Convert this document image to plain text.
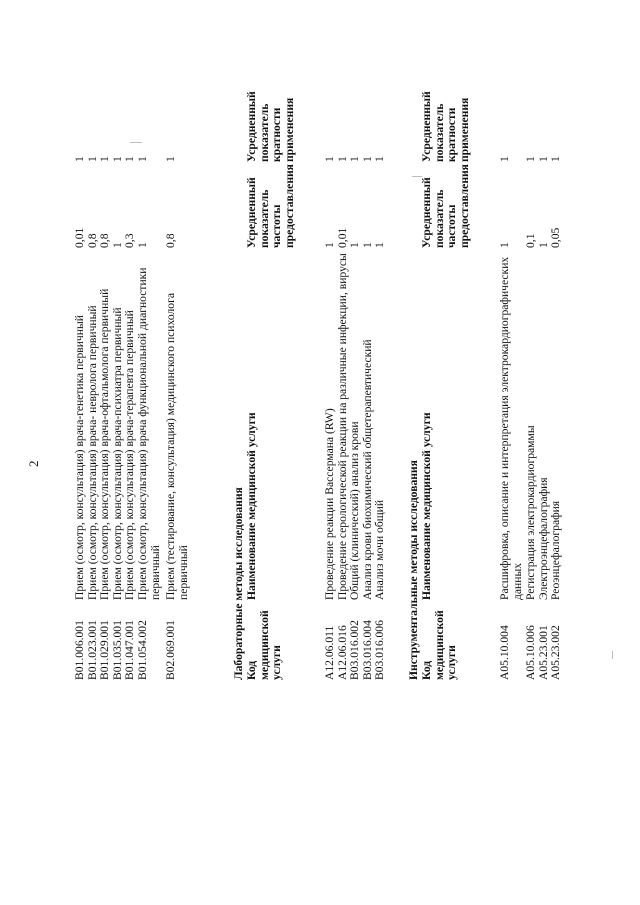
2
B01.006.001	Прием (осмотр, консультация) врача-генетика первичный	0,01	1
B01.023.001	Прием (осмотр, консультация) врача- невролога первичный	0,8	1
B01.029.001	Прием (осмотр, консультация) врача-офтальмолога первичный	0,8	1
B01.035.001	Прием (осмотр, консультация) врача-психиатра первичный	1	1
B01.047.001	Прием (осмотр, консультация) врача-терапевта первичный	0,3	1
B01.054.002	Прием (осмотр, консультация) врача функциональной диагностики первичный	1	1
B02.069.001	Прием (тестирование, консультация) медицинского психолога первичный	0,8	1
Лабораторные методы исследования Код медицинской услуги	Наименование медицинской услуги	Усредненный показатель частоты предоставления	Усредненный показатель кратности применения
A12.06.011	Проведение реакции Вассермана (RW)	1	1
A12.06.016	Проведение серологической реакции на различные инфекции, вирусы	0,01	1
B03.016.002	Общий (клинический) анализ крови	1	1
B03.016.004	Анализ крови биохимический общетерапевтический	1	1
B03.016.006	Анализ мочи общий	1	1
Инструментальные методы исследования Код медицинской услуги	Наименование медицинской услуги	Усредненный показатель частоты предоставления	Усредненный показатель кратности применения
A05.10.004	Расшифровка, описание и интерпретация электрокардиографических данных	1	1
A05.10.006	Регистрация электрокардиограммы	0,1	1
A05.23.001	Электроэнцефалография	1	1
A05.23.002	Реоэнцефалография	0,05	1
